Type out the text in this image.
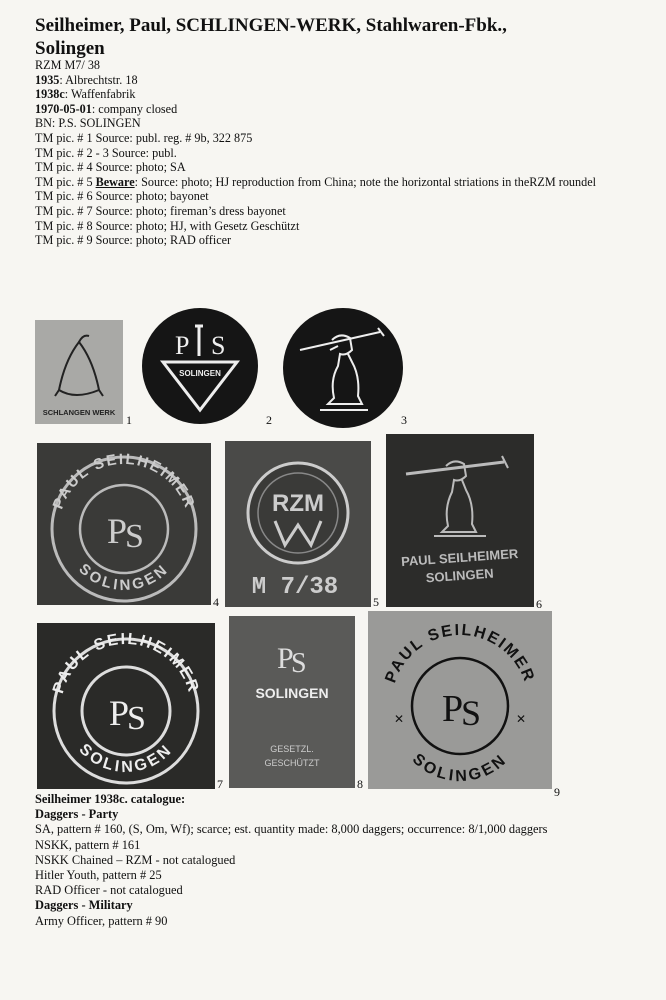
Seilheimer, Paul, SCHLINGEN-WERK, Stahlwaren-Fbk.,
Solingen
RZM M7/ 38
1935: Albrechtstr. 18
1938c: Waffenfabrik
1970-05-01: company closed
BN: P.S. SOLINGEN
TM pic. # 1 Source: publ. reg. # 9b, 322 875
TM pic. # 2 - 3 Source: publ.
TM pic. # 4 Source: photo; SA
TM pic. # 5 Beware: Source: photo; HJ reproduction from China; note the horizontal striations in theRZM roundel
TM pic. # 6 Source: photo; bayonet
TM pic. # 7 Source: photo; fireman’s dress bayonet
TM pic. # 8 Source: photo; HJ, with Gesetz Geschützt
TM pic. # 9 Source: photo; RAD officer
SCHLANGEN WERK
1
P S
SOLINGEN
2	3
PAUL SEILHEIMER
SOLINGEN
P
S
4
RZM
M 7/38
5
PAUL SEILHEIMER
SOLINGEN
6
PAUL SEILHEIMER
SOLINGEN
P
S
7
P
S
SOLINGEN
GESETZL.
GESCHÜTZT
8
PAUL SEILHEIMER
SOLINGEN
P
S
✕	✕
9
Seilheimer 1938c. catalogue:
Daggers - Party
SA, pattern # 160, (S, Om, Wf); scarce; est. quantity made: 8,000 daggers; occurrence: 8/1,000 daggers
NSKK, pattern # 161
NSKK Chained – RZM - not catalogued
Hitler Youth, pattern # 25
RAD Officer - not catalogued
Daggers - Military
Army Officer, pattern # 90
